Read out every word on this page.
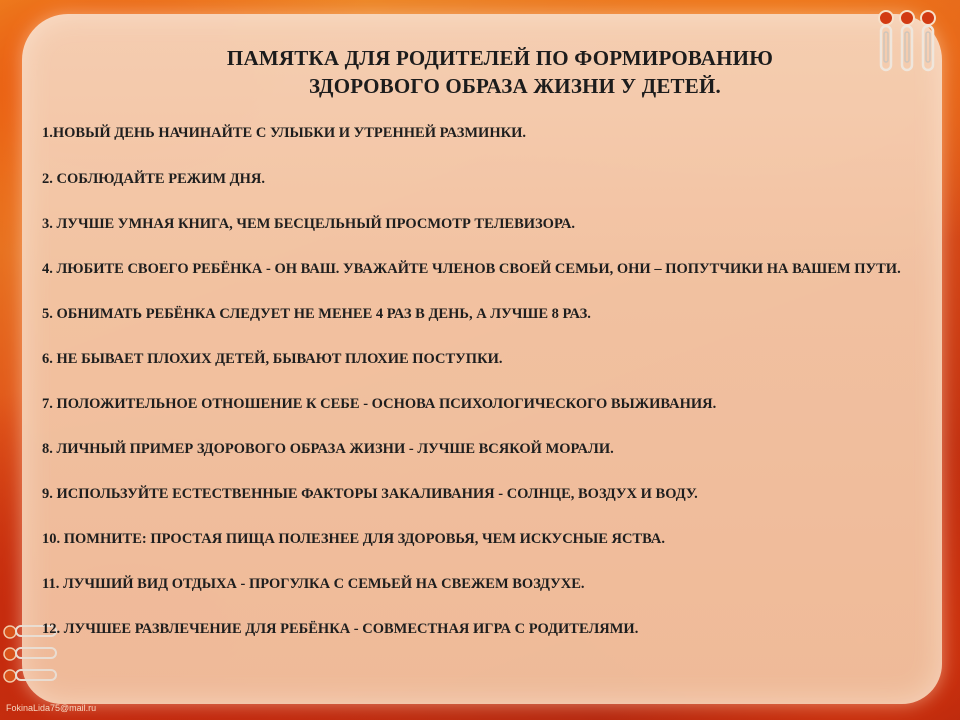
ПАМЯТКА ДЛЯ РОДИТЕЛЕЙ ПО ФОРМИРОВАНИЮ
ЗДОРОВОГО ОБРАЗА ЖИЗНИ У ДЕТЕЙ.
1.НОВЫЙ ДЕНЬ НАЧИНАЙТЕ С УЛЫБКИ И УТРЕННЕЙ РАЗМИНКИ.
2. СОБЛЮДАЙТЕ РЕЖИМ ДНЯ.
3. ЛУЧШЕ УМНАЯ КНИГА, ЧЕМ БЕСЦЕЛЬНЫЙ ПРОСМОТР ТЕЛЕВИЗОРА.
4. ЛЮБИТЕ СВОЕГО РЕБЁНКА - ОН ВАШ. УВАЖАЙТЕ ЧЛЕНОВ СВОЕЙ СЕМЬИ, ОНИ – ПОПУТЧИКИ НА ВАШЕМ ПУТИ.
5. ОБНИМАТЬ РЕБЁНКА СЛЕДУЕТ НЕ МЕНЕЕ 4 РАЗ В ДЕНЬ, А ЛУЧШЕ 8 РАЗ.
6. НЕ БЫВАЕТ ПЛОХИХ ДЕТЕЙ, БЫВАЮТ ПЛОХИЕ ПОСТУПКИ.
7. ПОЛОЖИТЕЛЬНОЕ ОТНОШЕНИЕ К СЕБЕ - ОСНОВА ПСИХОЛОГИЧЕСКОГО ВЫЖИВАНИЯ.
8. ЛИЧНЫЙ ПРИМЕР ЗДОРОВОГО ОБРАЗА ЖИЗНИ - ЛУЧШЕ ВСЯКОЙ МОРАЛИ.
9. ИСПОЛЬЗУЙТЕ ЕСТЕСТВЕННЫЕ ФАКТОРЫ ЗАКАЛИВАНИЯ - СОЛНЦЕ, ВОЗДУХ И ВОДУ.
10. ПОМНИТЕ: ПРОСТАЯ ПИЩА ПОЛЕЗНЕЕ ДЛЯ ЗДОРОВЬЯ, ЧЕМ ИСКУСНЫЕ ЯСТВА.
11. ЛУЧШИЙ ВИД ОТДЫХА - ПРОГУЛКА С СЕМЬЕЙ НА СВЕЖЕМ ВОЗДУХЕ.
12. ЛУЧШЕЕ РАЗВЛЕЧЕНИЕ ДЛЯ РЕБЁНКА - СОВМЕСТНАЯ ИГРА С РОДИТЕЛЯМИ.
FokinaLida75@mail.ru
